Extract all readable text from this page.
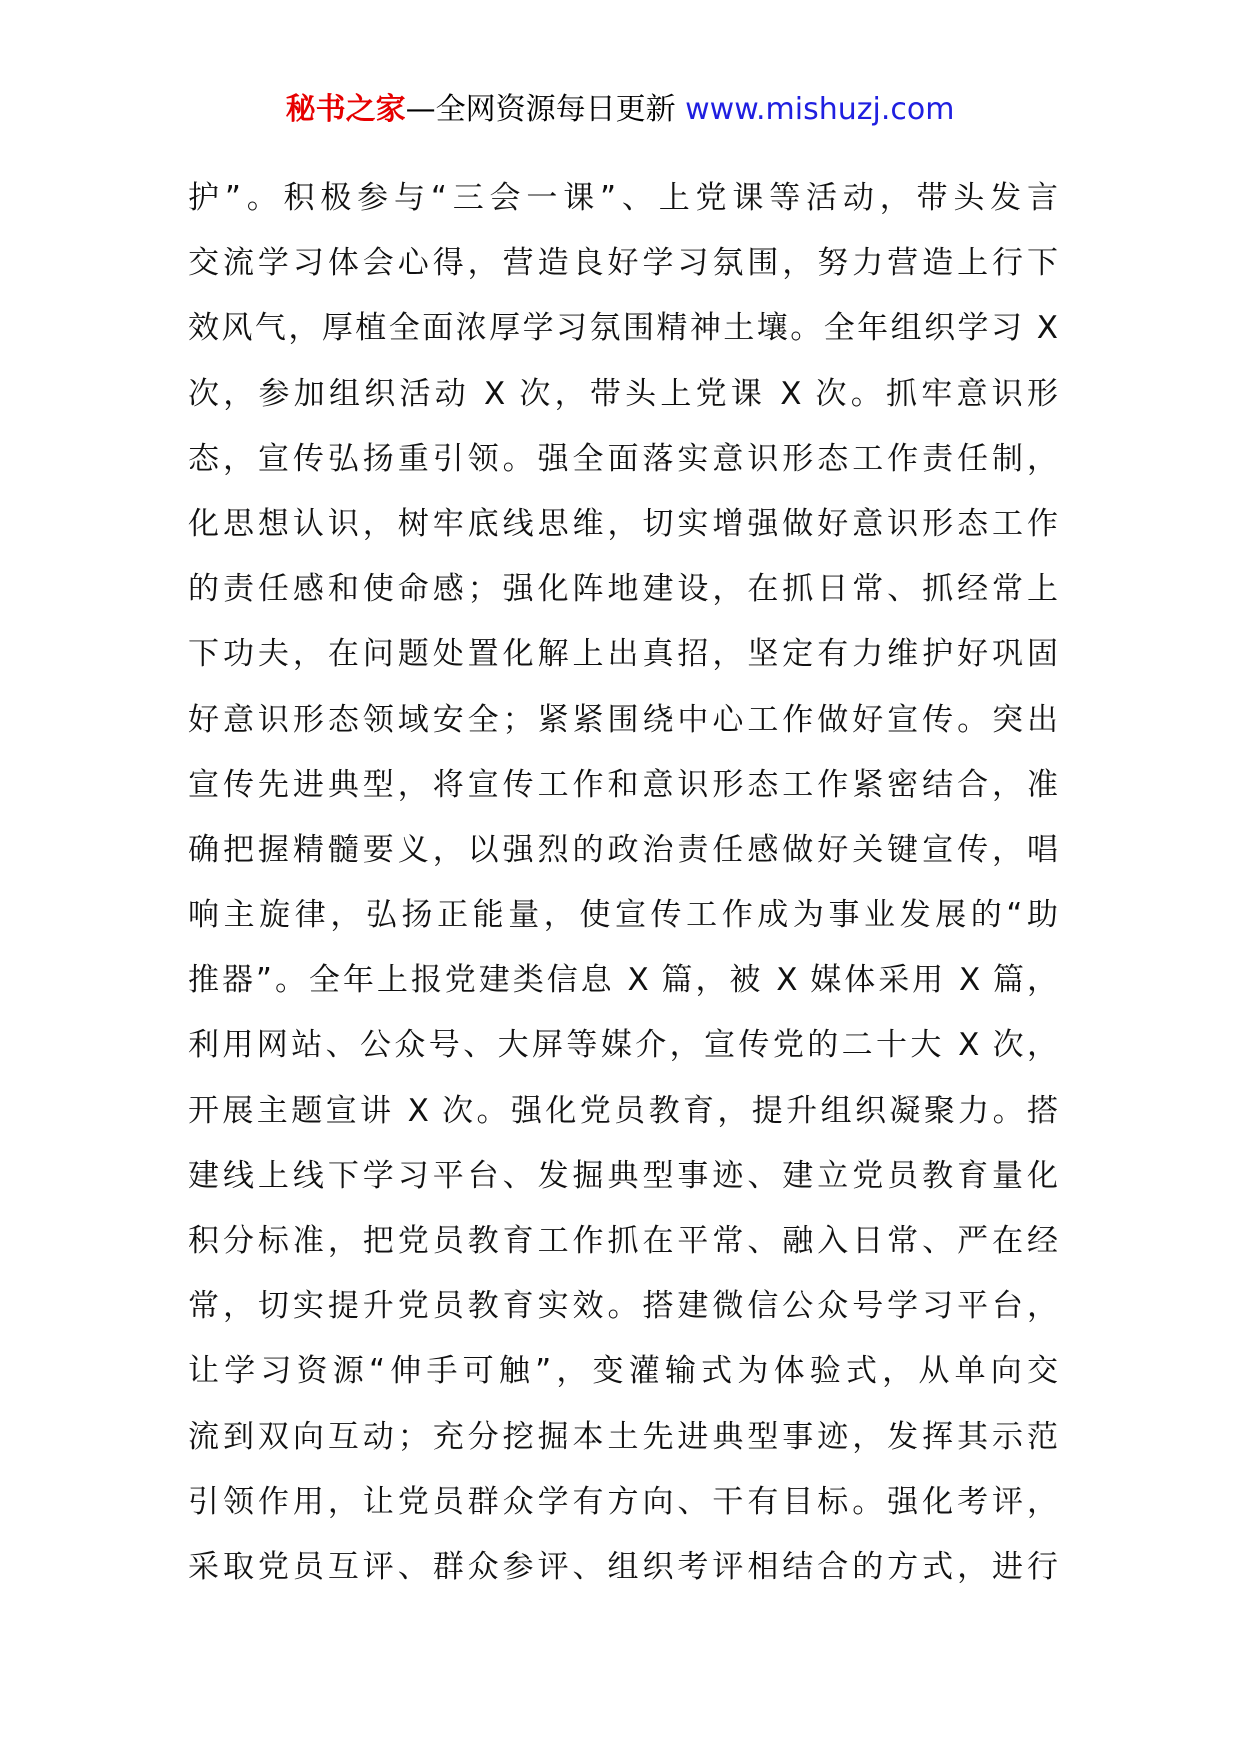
秘书之家—全网资源每日更新 www.mishuzj.com
护”。积极参与“三会一课”、上党课等活动，带头发言
交流学习体会心得，营造良好学习氛围，努力营造上行下
效风气，厚植全面浓厚学习氛围精神土壤。全年组织学习 X
次，参加组织活动 X 次，带头上党课 X 次。抓牢意识形
态，宣传弘扬重引领。强全面落实意识形态工作责任制，
化思想认识，树牢底线思维，切实增强做好意识形态工作
的责任感和使命感；强化阵地建设，在抓日常、抓经常上
下功夫，在问题处置化解上出真招，坚定有力维护好巩固
好意识形态领域安全；紧紧围绕中心工作做好宣传。突出
宣传先进典型，将宣传工作和意识形态工作紧密结合，准
确把握精髓要义，以强烈的政治责任感做好关键宣传，唱
响主旋律，弘扬正能量，使宣传工作成为事业发展的“助
推器”。全年上报党建类信息 X 篇，被 X 媒体采用 X 篇，
利用网站、公众号、大屏等媒介，宣传党的二十大 X 次，
开展主题宣讲 X 次。强化党员教育，提升组织凝聚力。搭
建线上线下学习平台、发掘典型事迹、建立党员教育量化
积分标准，把党员教育工作抓在平常、融入日常、严在经
常，切实提升党员教育实效。搭建微信公众号学习平台，
让学习资源“伸手可触”，变灌输式为体验式，从单向交
流到双向互动；充分挖掘本土先进典型事迹，发挥其示范
引领作用，让党员群众学有方向、干有目标。强化考评，
采取党员互评、群众参评、组织考评相结合的方式，进行
